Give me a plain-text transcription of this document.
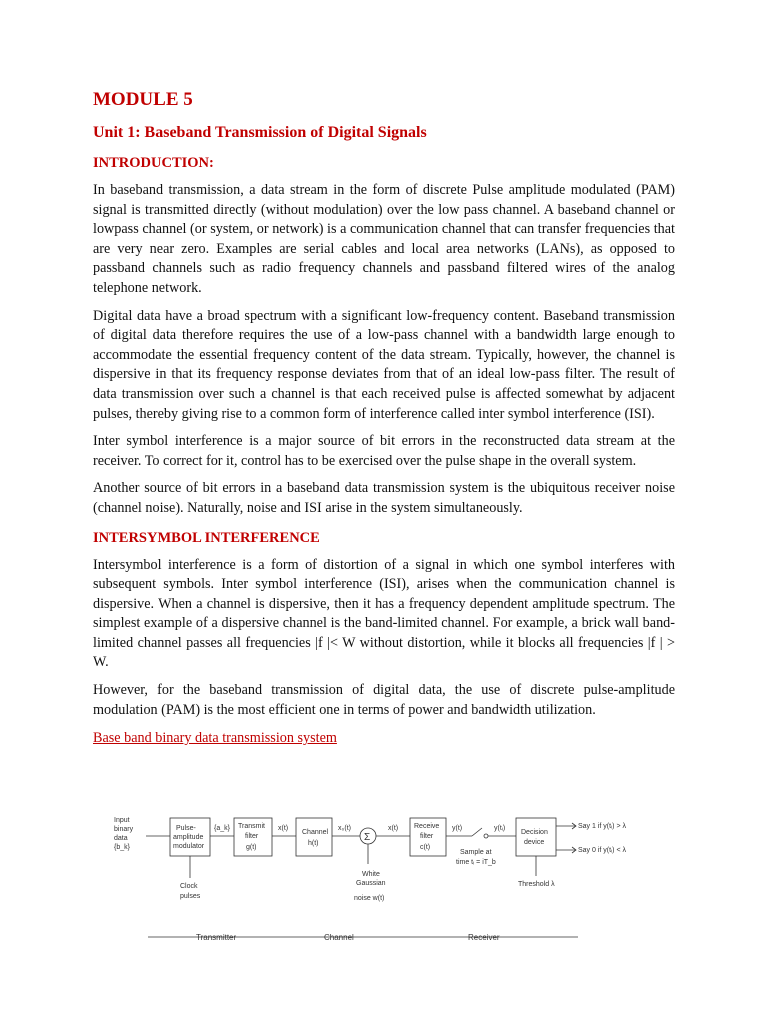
MODULE 5
Unit 1: Baseband Transmission of Digital Signals
INTRODUCTION:

In baseband transmission, a data stream in the form of discrete Pulse amplitude modulated (PAM) signal is transmitted directly (without modulation) over the low pass channel. A baseband channel or lowpass channel (or system, or network) is a communication channel that can transfer frequencies that are very near zero. Examples are serial cables and local area networks (LANs), as opposed to passband channels such as radio frequency channels and passband filtered wires of the analog telephone network.

Digital data have a broad spectrum with a significant low-frequency content. Baseband transmission of digital data therefore requires the use of a low-pass channel with a bandwidth large enough to accommodate the essential frequency content of the data stream. Typically, however, the channel is dispersive in that its frequency response deviates from that of an ideal low-pass filter. The result of data transmission over such a channel is that each received pulse is affected somewhat by adjacent pulses, thereby giving rise to a common form of interference called inter symbol interference (ISI).

Inter symbol interference is a major source of bit errors in the reconstructed data stream at the receiver. To correct for it, control has to be exercised over the pulse shape in the overall system.

Another source of bit errors in a baseband data transmission system is the ubiquitous receiver noise (channel noise). Naturally, noise and ISI arise in the system simultaneously.

INTERSYMBOL INTERFERENCE

Intersymbol interference is a form of distortion of a signal in which one symbol interferes with subsequent symbols. Inter symbol interference (ISI), arises when the communication channel is dispersive. When a channel is dispersive, then it has a frequency dependent amplitude spectrum. The simplest example of a dispersive channel is the band-limited channel. For example, a brick wall band-limited channel passes all frequencies |f |< W without distortion, while it blocks all frequencies |f | > W.

However, for the baseband transmission of digital data, the use of discrete pulse-amplitude modulation (PAM) is the most efficient one in terms of power and bandwidth utilization.

Base band binary data transmission system
Input
binary
data
{b_k}
Pulse-
amplitude
modulator
{a_k} Transmit
filter
g(t)
x(t)
Channel
h(t)
x₀(t)
Σ
White
Gaussian
noise w(t)
x(t) Receive
filter
c(t)
y(t)	y(tᵢ)
Sample at
time tᵢ = iT_b
Decision
device
Say 1 if y(tᵢ) > λ
Say 0 if y(tᵢ) < λ
Threshold λ
Clock
pulses
Transmitter	Channel	Receiver
